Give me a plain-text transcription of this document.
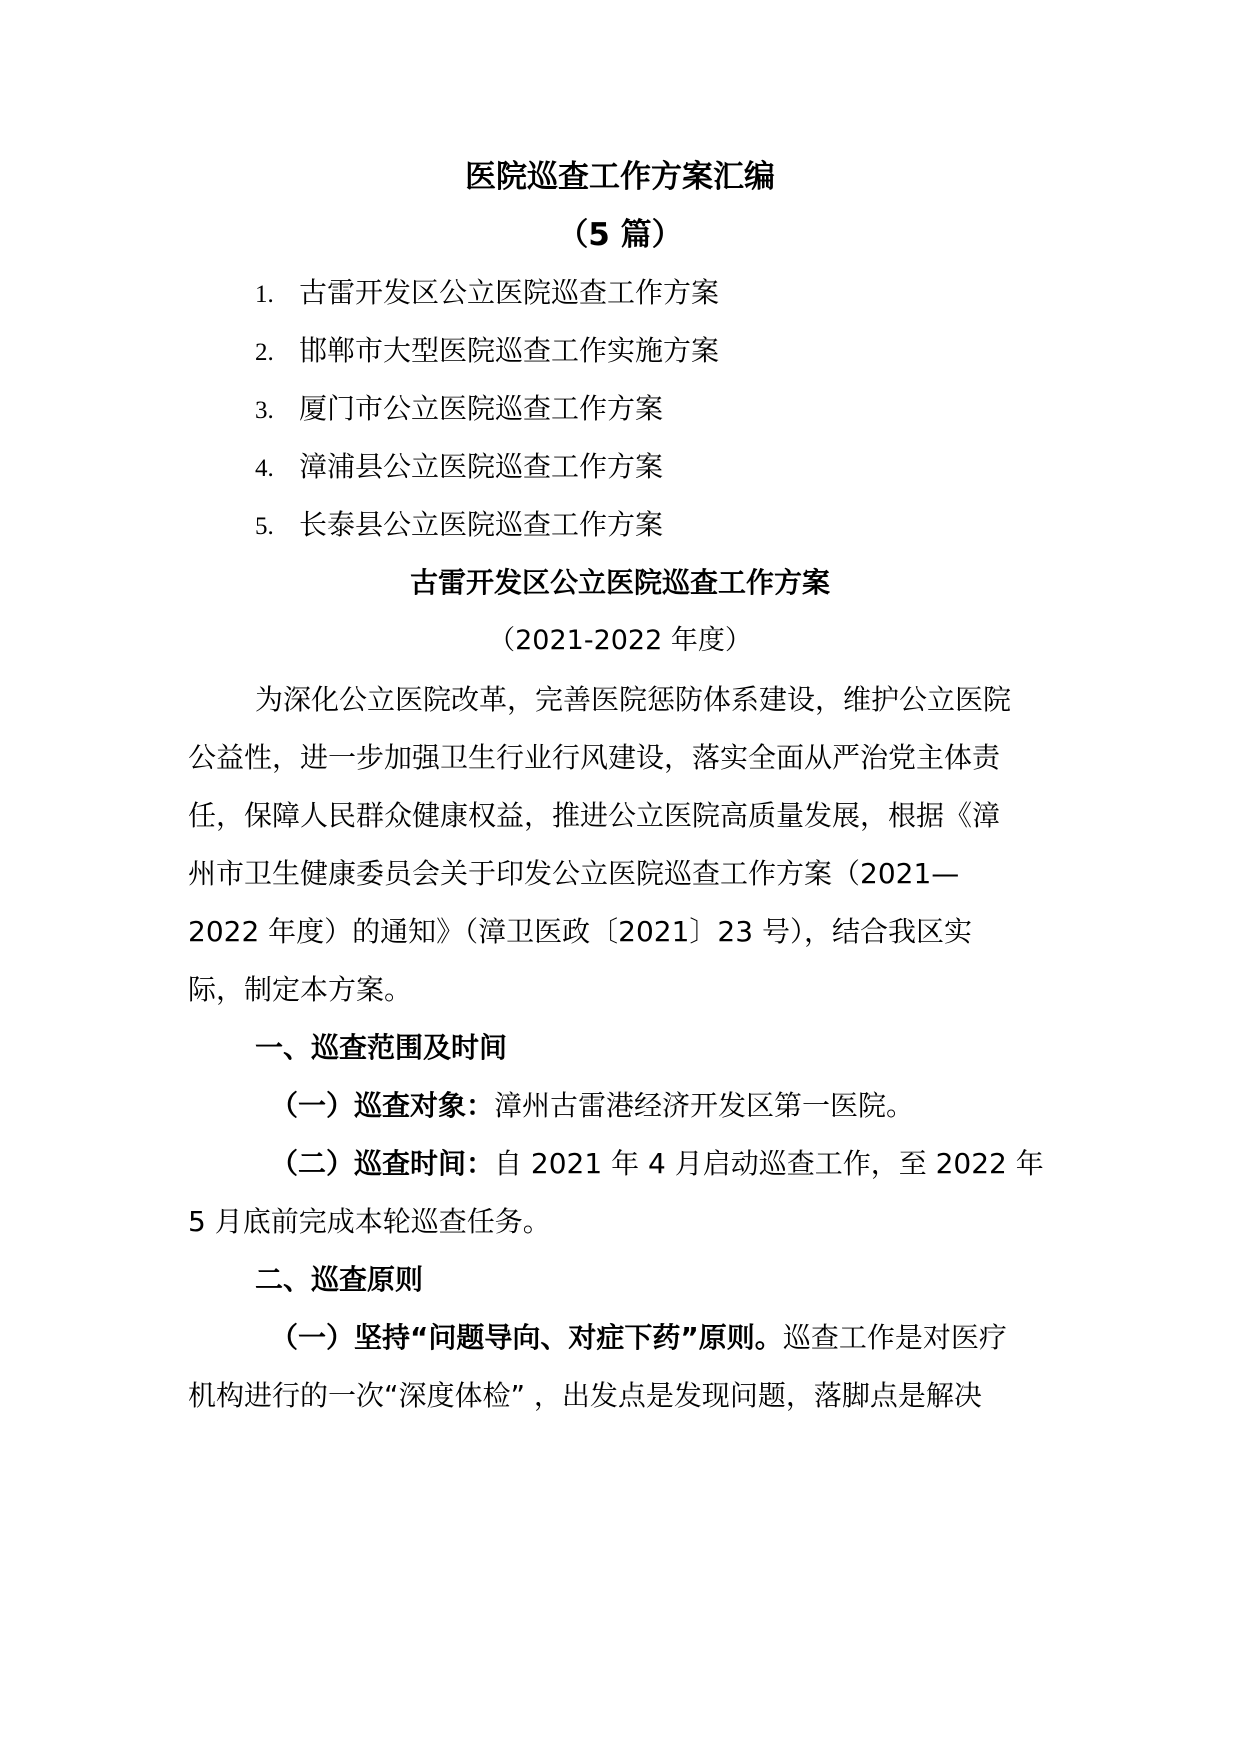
医院巡查工作方案汇编
（5 篇）
1. 古雷开发区公立医院巡查工作方案
2. 邯郸市大型医院巡查工作实施方案
3. 厦门市公立医院巡查工作方案
4. 漳浦县公立医院巡查工作方案
5. 长泰县公立医院巡查工作方案
古雷开发区公立医院巡查工作方案
（2021-2022 年度）
为深化公立医院改革，完善医院惩防体系建设，维护公立医院
公益性，进一步加强卫生行业行风建设，落实全面从严治党主体责
任，保障人民群众健康权益，推进公立医院高质量发展，根据《漳
州市卫生健康委员会关于印发公立医院巡查工作方案（2021—
2022 年度）的通知》（漳卫医政〔2021〕23 号），结合我区实
际，制定本方案。
一、巡查范围及时间
（一）巡查对象：漳州古雷港经济开发区第一医院。
（二）巡查时间：自 2021 年 4 月启动巡查工作，至 2022 年
5 月底前完成本轮巡查任务。
二、巡查原则
（一）坚持“问题导向、对症下药”原则。巡查工作是对医疗
机构进行的一次“深度体检” ，出发点是发现问题，落脚点是解决
